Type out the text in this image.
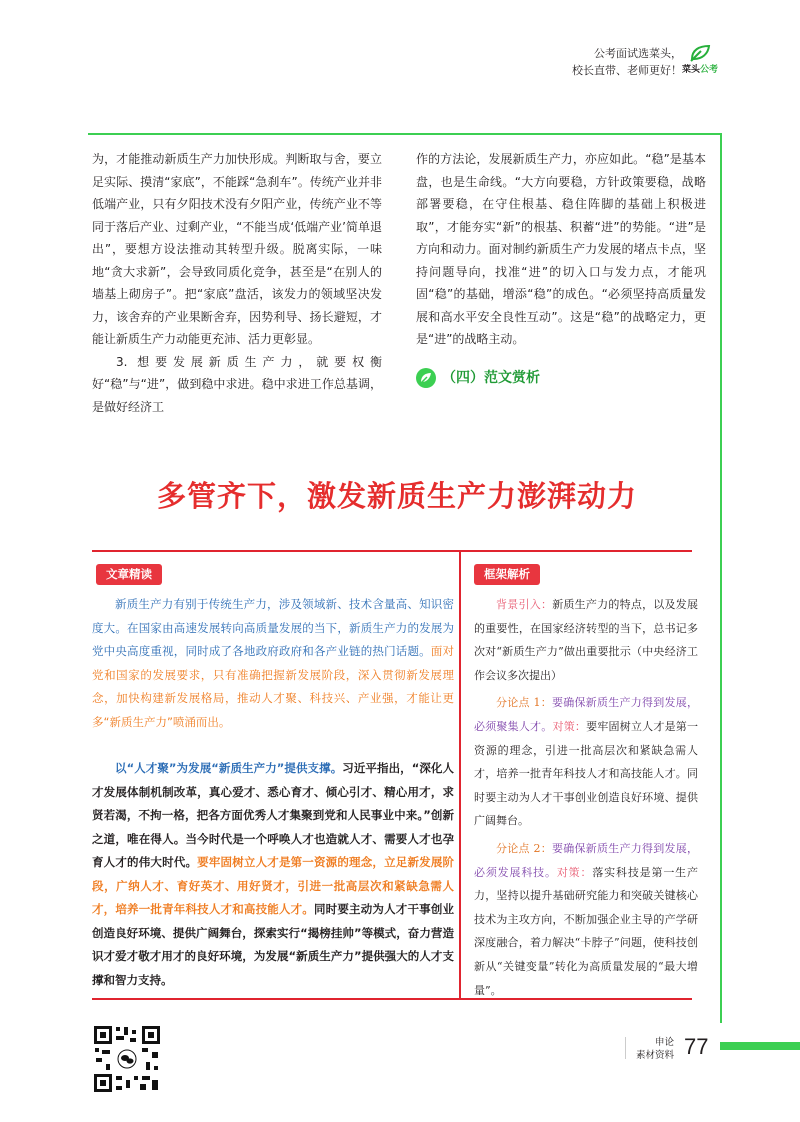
公考面试选菜头，
校长直带、老师更好！ 菜头公考

为，才能推动新质生产力加快形成。判断取与舍，要立足实际、摸清“家底”，不能踩“急刹车”。传统产业并非低端产业，只有夕阳技术没有夕阳产业，传统产业不等同于落后产业、过剩产业，“不能当成‘低端产业’简单退出”，要想方设法推动其转型升级。脱离实际，一味地“贪大求新”，会导致同质化竞争，甚至是“在别人的墙基上砌房子”。把“家底”盘活，该发力的领域坚决发力，该舍弃的产业果断舍弃，因势利导、扬长避短，才能让新质生产力动能更充沛、活力更彰显。

3. 想要发展新质生产力，就要权衡好“稳”与“进”，做到稳中求进。稳中求进工作总基调，是做好经济工

作的方法论，发展新质生产力，亦应如此。“稳”是基本盘，也是生命线。“大方向要稳，方针政策要稳，战略部署要稳，在守住根基、稳住阵脚的基础上积极进取”，才能夯实“新”的根基、积蓄“进”的势能。“进”是方向和动力。面对制约新质生产力发展的堵点卡点，坚持问题导向，找准“进”的切入口与发力点，才能巩固“稳”的基础，增添“稳”的成色。“必须坚持高质量发展和高水平安全良性互动”。这是“稳”的战略定力，更是“进”的战略主动。

（四）范文赏析
多管齐下，激发新质生产力澎湃动力
文章精读	框架解析

新质生产力有别于传统生产力，涉及领域新、技术含量高、知识密度大。在国家由高速发展转向高质量发展的当下，新质生产力的发展为党中央高度重视，同时成了各地政府政府和各产业链的热门话题。面对党和国家的发展要求，只有准确把握新发展阶段，深入贯彻新发展理念，加快构建新发展格局，推动人才聚、科技兴、产业强，才能让更多“新质生产力”喷涌而出。

以“人才聚”为发展“新质生产力”提供支撑。习近平指出，“深化人才发展体制机制改革，真心爱才、悉心育才、倾心引才、精心用才，求贤若渴，不拘一格，把各方面优秀人才集聚到党和人民事业中来。”创新之道，唯在得人。当今时代是一个呼唤人才也造就人才、需要人才也孕育人才的伟大时代。要牢固树立人才是第一资源的理念，立足新发展阶段，广纳人才、育好英才、用好贤才，引进一批高层次和紧缺急需人才，培养一批青年科技人才和高技能人才。同时要主动为人才干事创业创造良好环境、提供广阔舞台，探索实行“揭榜挂帅”等模式，奋力营造识才爱才敬才用才的良好环境，为发展“新质生产力”提供强大的人才支撑和智力支持。

背景引入：新质生产力的特点，以及发展的重要性，在国家经济转型的当下，总书记多次对“新质生产力”做出重要批示（中央经济工作会议多次提出）

分论点 1：要确保新质生产力得到发展，必须聚集人才。对策：要牢固树立人才是第一资源的理念，引进一批高层次和紧缺急需人才，培养一批青年科技人才和高技能人才。同时要主动为人才干事创业创造良好环境、提供广阔舞台。

分论点 2：要确保新质生产力得到发展，必须发展科技。对策：落实科技是第一生产力，坚持以提升基础研究能力和突破关键核心技术为主攻方向，不断加强企业主导的产学研深度融合，着力解决“卡脖子”问题，使科技创新从“关键变量”转化为高质量发展的“最大增量”。

申论
素材资料 77
